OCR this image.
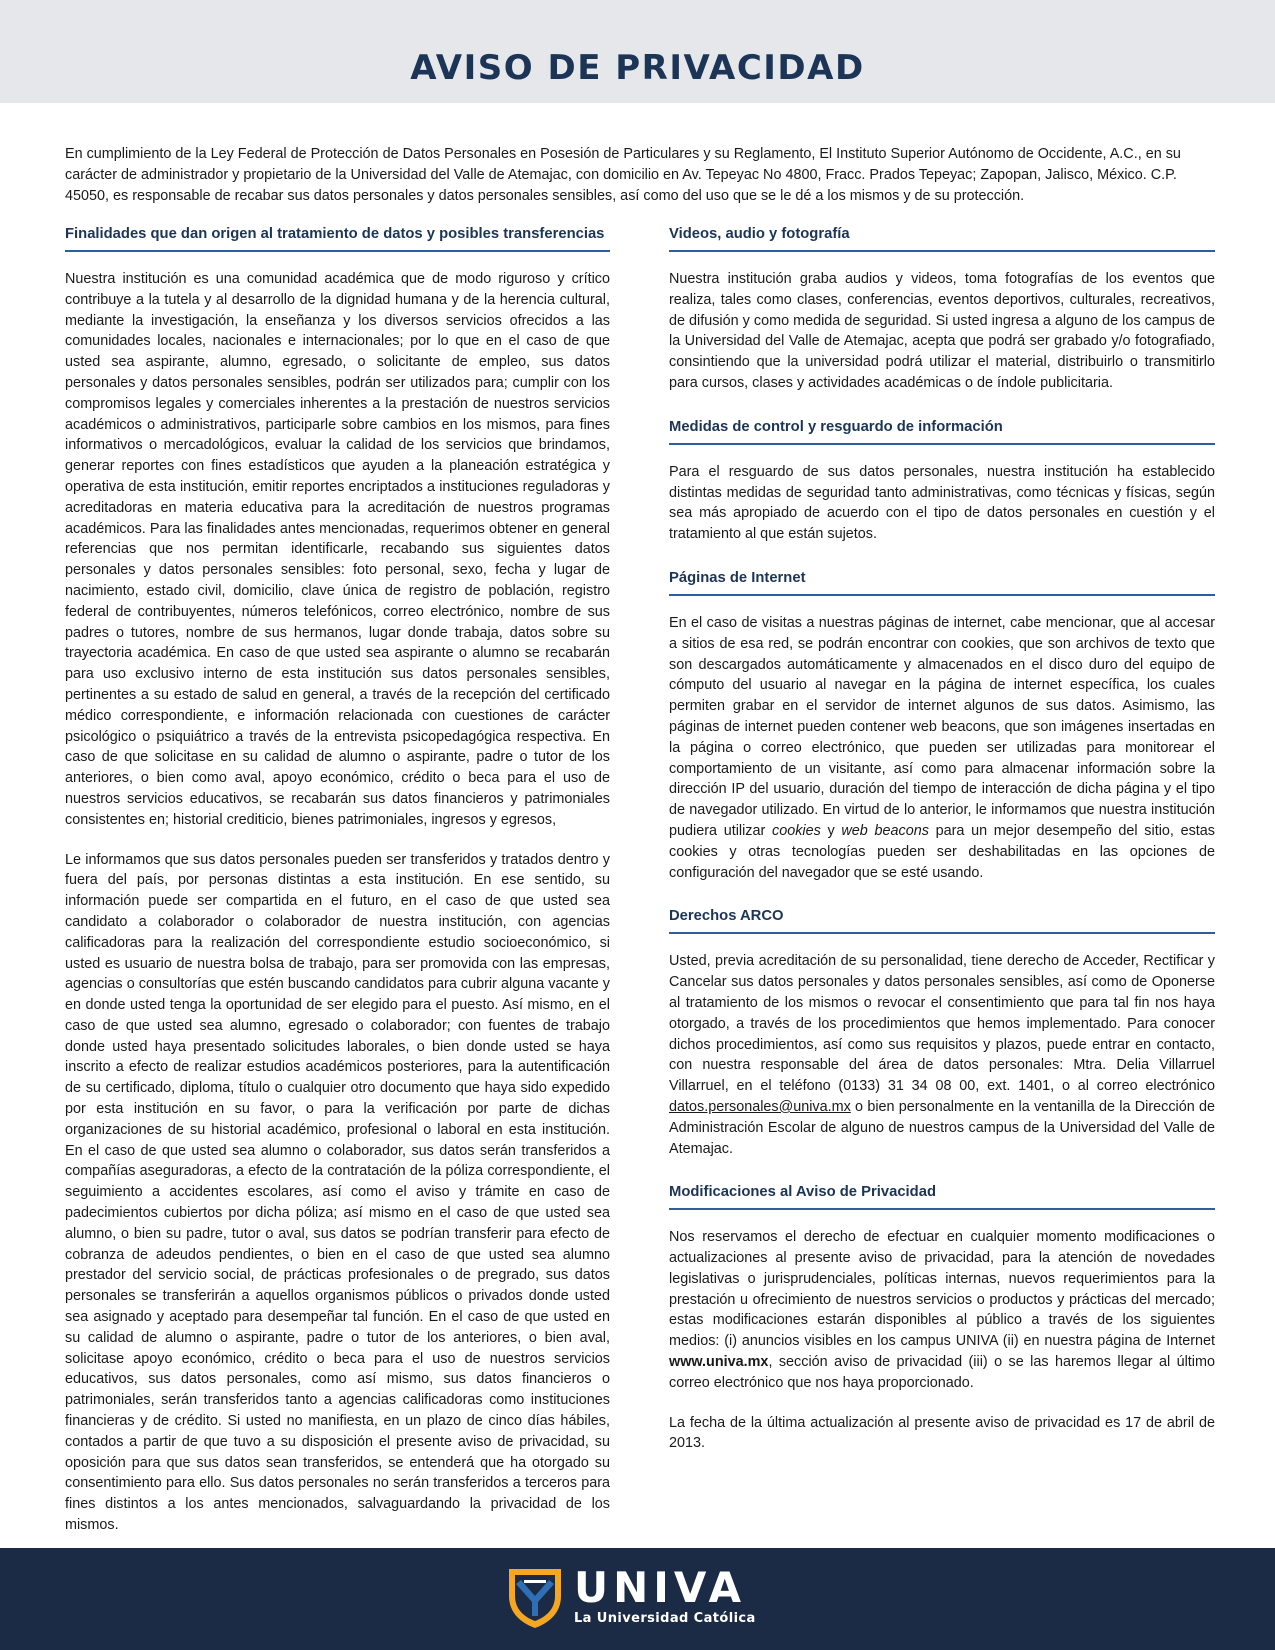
AVISO DE PRIVACIDAD

En cumplimiento de la Ley Federal de Protección de Datos Personales en Posesión de Particulares y su Reglamento, El Instituto Superior Autónomo de Occidente, A.C., en su carácter de administrador y propietario de la Universidad del Valle de Atemajac, con domicilio en Av. Tepeyac No 4800, Fracc. Prados Tepeyac; Zapopan, Jalisco, México. C.P. 45050, es responsable de recabar sus datos personales y datos personales sensibles, así como del uso que se le dé a los mismos y de su protección.

Finalidades que dan origen al tratamiento de datos y posibles transferencias

Nuestra institución es una comunidad académica que de modo riguroso y crítico contribuye a la tutela y al desarrollo de la dignidad humana y de la herencia cultural, mediante la investigación, la enseñanza y los diversos servicios ofrecidos a las comunidades locales, nacionales e internacionales; por lo que en el caso de que usted sea aspirante, alumno, egresado, o solicitante de empleo, sus datos personales y datos personales sensibles, podrán ser utilizados para; cumplir con los compromisos legales y comerciales inherentes a la prestación de nuestros servicios académicos o administrativos, participarle sobre cambios en los mismos, para fines informativos o mercadológicos, evaluar la calidad de los servicios que brindamos, generar reportes con fines estadísticos que ayuden a la planeación estratégica y operativa de esta institución, emitir reportes encriptados a instituciones reguladoras y acreditadoras en materia educativa para la acreditación de nuestros programas académicos. Para las finalidades antes mencionadas, requerimos obtener en general referencias que nos permitan identificarle, recabando sus siguientes datos personales y datos personales sensibles: foto personal, sexo, fecha y lugar de nacimiento, estado civil, domicilio, clave única de registro de población, registro federal de contribuyentes, números telefónicos, correo electrónico, nombre de sus padres o tutores, nombre de sus hermanos, lugar donde trabaja, datos sobre su trayectoria académica. En caso de que usted sea aspirante o alumno se recabarán para uso exclusivo interno de esta institución sus datos personales sensibles, pertinentes a su estado de salud en general, a través de la recepción del certificado médico correspondiente, e información relacionada con cuestiones de carácter psicológico o psiquiátrico a través de la entrevista psicopedagógica respectiva. En caso de que solicitase en su calidad de alumno o aspirante, padre o tutor de los anteriores, o bien como aval, apoyo económico, crédito o beca para el uso de nuestros servicios educativos, se recabarán sus datos financieros y patrimoniales consistentes en; historial crediticio, bienes patrimoniales, ingresos y egresos,

Le informamos que sus datos personales pueden ser transferidos y tratados dentro y fuera del país, por personas distintas a esta institución. En ese sentido, su información puede ser compartida en el futuro, en el caso de que usted sea candidato a colaborador o colaborador de nuestra institución, con agencias calificadoras para la realización del correspondiente estudio socioeconómico, si usted es usuario de nuestra bolsa de trabajo, para ser promovida con las empresas, agencias o consultorías que estén buscando candidatos para cubrir alguna vacante y en donde usted tenga la oportunidad de ser elegido para el puesto. Así mismo, en el caso de que usted sea alumno, egresado o colaborador; con fuentes de trabajo donde usted haya presentado solicitudes laborales, o bien donde usted se haya inscrito a efecto de realizar estudios académicos posteriores, para la autentificación de su certificado, diploma, título o cualquier otro documento que haya sido expedido por esta institución en su favor, o para la verificación por parte de dichas organizaciones de su historial académico, profesional o laboral en esta institución. En el caso de que usted sea alumno o colaborador, sus datos serán transferidos a compañías aseguradoras, a efecto de la contratación de la póliza correspondiente, el seguimiento a accidentes escolares, así como el aviso y trámite en caso de padecimientos cubiertos por dicha póliza; así mismo en el caso de que usted sea alumno, o bien su padre, tutor o aval, sus datos se podrían transferir para efecto de cobranza de adeudos pendientes, o bien en el caso de que usted sea alumno prestador del servicio social, de prácticas profesionales o de pregrado, sus datos personales se transferirán a aquellos organismos públicos o privados donde usted sea asignado y aceptado para desempeñar tal función. En el caso de que usted en su calidad de alumno o aspirante, padre o tutor de los anteriores, o bien aval, solicitase apoyo económico, crédito o beca para el uso de nuestros servicios educativos, sus datos personales, como así mismo, sus datos financieros o patrimoniales, serán transferidos tanto a agencias calificadoras como instituciones financieras y de crédito. Si usted no manifiesta, en un plazo de cinco días hábiles, contados a partir de que tuvo a su disposición el presente aviso de privacidad, su oposición para que sus datos sean transferidos, se entenderá que ha otorgado su consentimiento para ello. Sus datos personales no serán transferidos a terceros para fines distintos a los antes mencionados, salvaguardando la privacidad de los mismos.

Videos, audio y fotografía

Nuestra institución graba audios y videos, toma fotografías de los eventos que realiza, tales como clases, conferencias, eventos deportivos, culturales, recreativos, de difusión y como medida de seguridad. Si usted ingresa a alguno de los campus de la Universidad del Valle de Atemajac, acepta que podrá ser grabado y/o fotografiado, consintiendo que la universidad podrá utilizar el material, distribuirlo o transmitirlo para cursos, clases y actividades académicas o de índole publicitaria.

Medidas de control y resguardo de información

Para el resguardo de sus datos personales, nuestra institución ha establecido distintas medidas de seguridad tanto administrativas, como técnicas y físicas, según sea más apropiado de acuerdo con el tipo de datos personales en cuestión y el tratamiento al que están sujetos.

Páginas de Internet

En el caso de visitas a nuestras páginas de internet, cabe mencionar, que al accesar a sitios de esa red, se podrán encontrar con cookies, que son archivos de texto que son descargados automáticamente y almacenados en el disco duro del equipo de cómputo del usuario al navegar en la página de internet específica, los cuales permiten grabar en el servidor de internet algunos de sus datos. Asimismo, las páginas de internet pueden contener web beacons, que son imágenes insertadas en la página o correo electrónico, que pueden ser utilizadas para monitorear el comportamiento de un visitante, así como para almacenar información sobre la dirección IP del usuario, duración del tiempo de interacción de dicha página y el tipo de navegador utilizado. En virtud de lo anterior, le informamos que nuestra institución pudiera utilizar cookies y web beacons para un mejor desempeño del sitio, estas cookies y otras tecnologías pueden ser deshabilitadas en las opciones de configuración del navegador que se esté usando.

Derechos ARCO

Usted, previa acreditación de su personalidad, tiene derecho de Acceder, Rectificar y Cancelar sus datos personales y datos personales sensibles, así como de Oponerse al tratamiento de los mismos o revocar el consentimiento que para tal fin nos haya otorgado, a través de los procedimientos que hemos implementado. Para conocer dichos procedimientos, así como sus requisitos y plazos, puede entrar en contacto, con nuestra responsable del área de datos personales: Mtra. Delia Villarruel Villarruel, en el teléfono (0133) 31 34 08 00, ext. 1401, o al correo electrónico datos.personales@univa.mx o bien personalmente en la ventanilla de la Dirección de Administración Escolar de alguno de nuestros campus de la Universidad del Valle de Atemajac.

Modificaciones al Aviso de Privacidad

Nos reservamos el derecho de efectuar en cualquier momento modificaciones o actualizaciones al presente aviso de privacidad, para la atención de novedades legislativas o jurisprudenciales, políticas internas, nuevos requerimientos para la prestación u ofrecimiento de nuestros servicios o productos y prácticas del mercado; estas modificaciones estarán disponibles al público a través de los siguientes medios: (i) anuncios visibles en los campus UNIVA (ii) en nuestra página de Internet www.univa.mx, sección aviso de privacidad (iii) o se las haremos llegar al último correo electrónico que nos haya proporcionado.

La fecha de la última actualización al presente aviso de privacidad es 17 de abril de 2013.

UNIVA
La Universidad Católica
